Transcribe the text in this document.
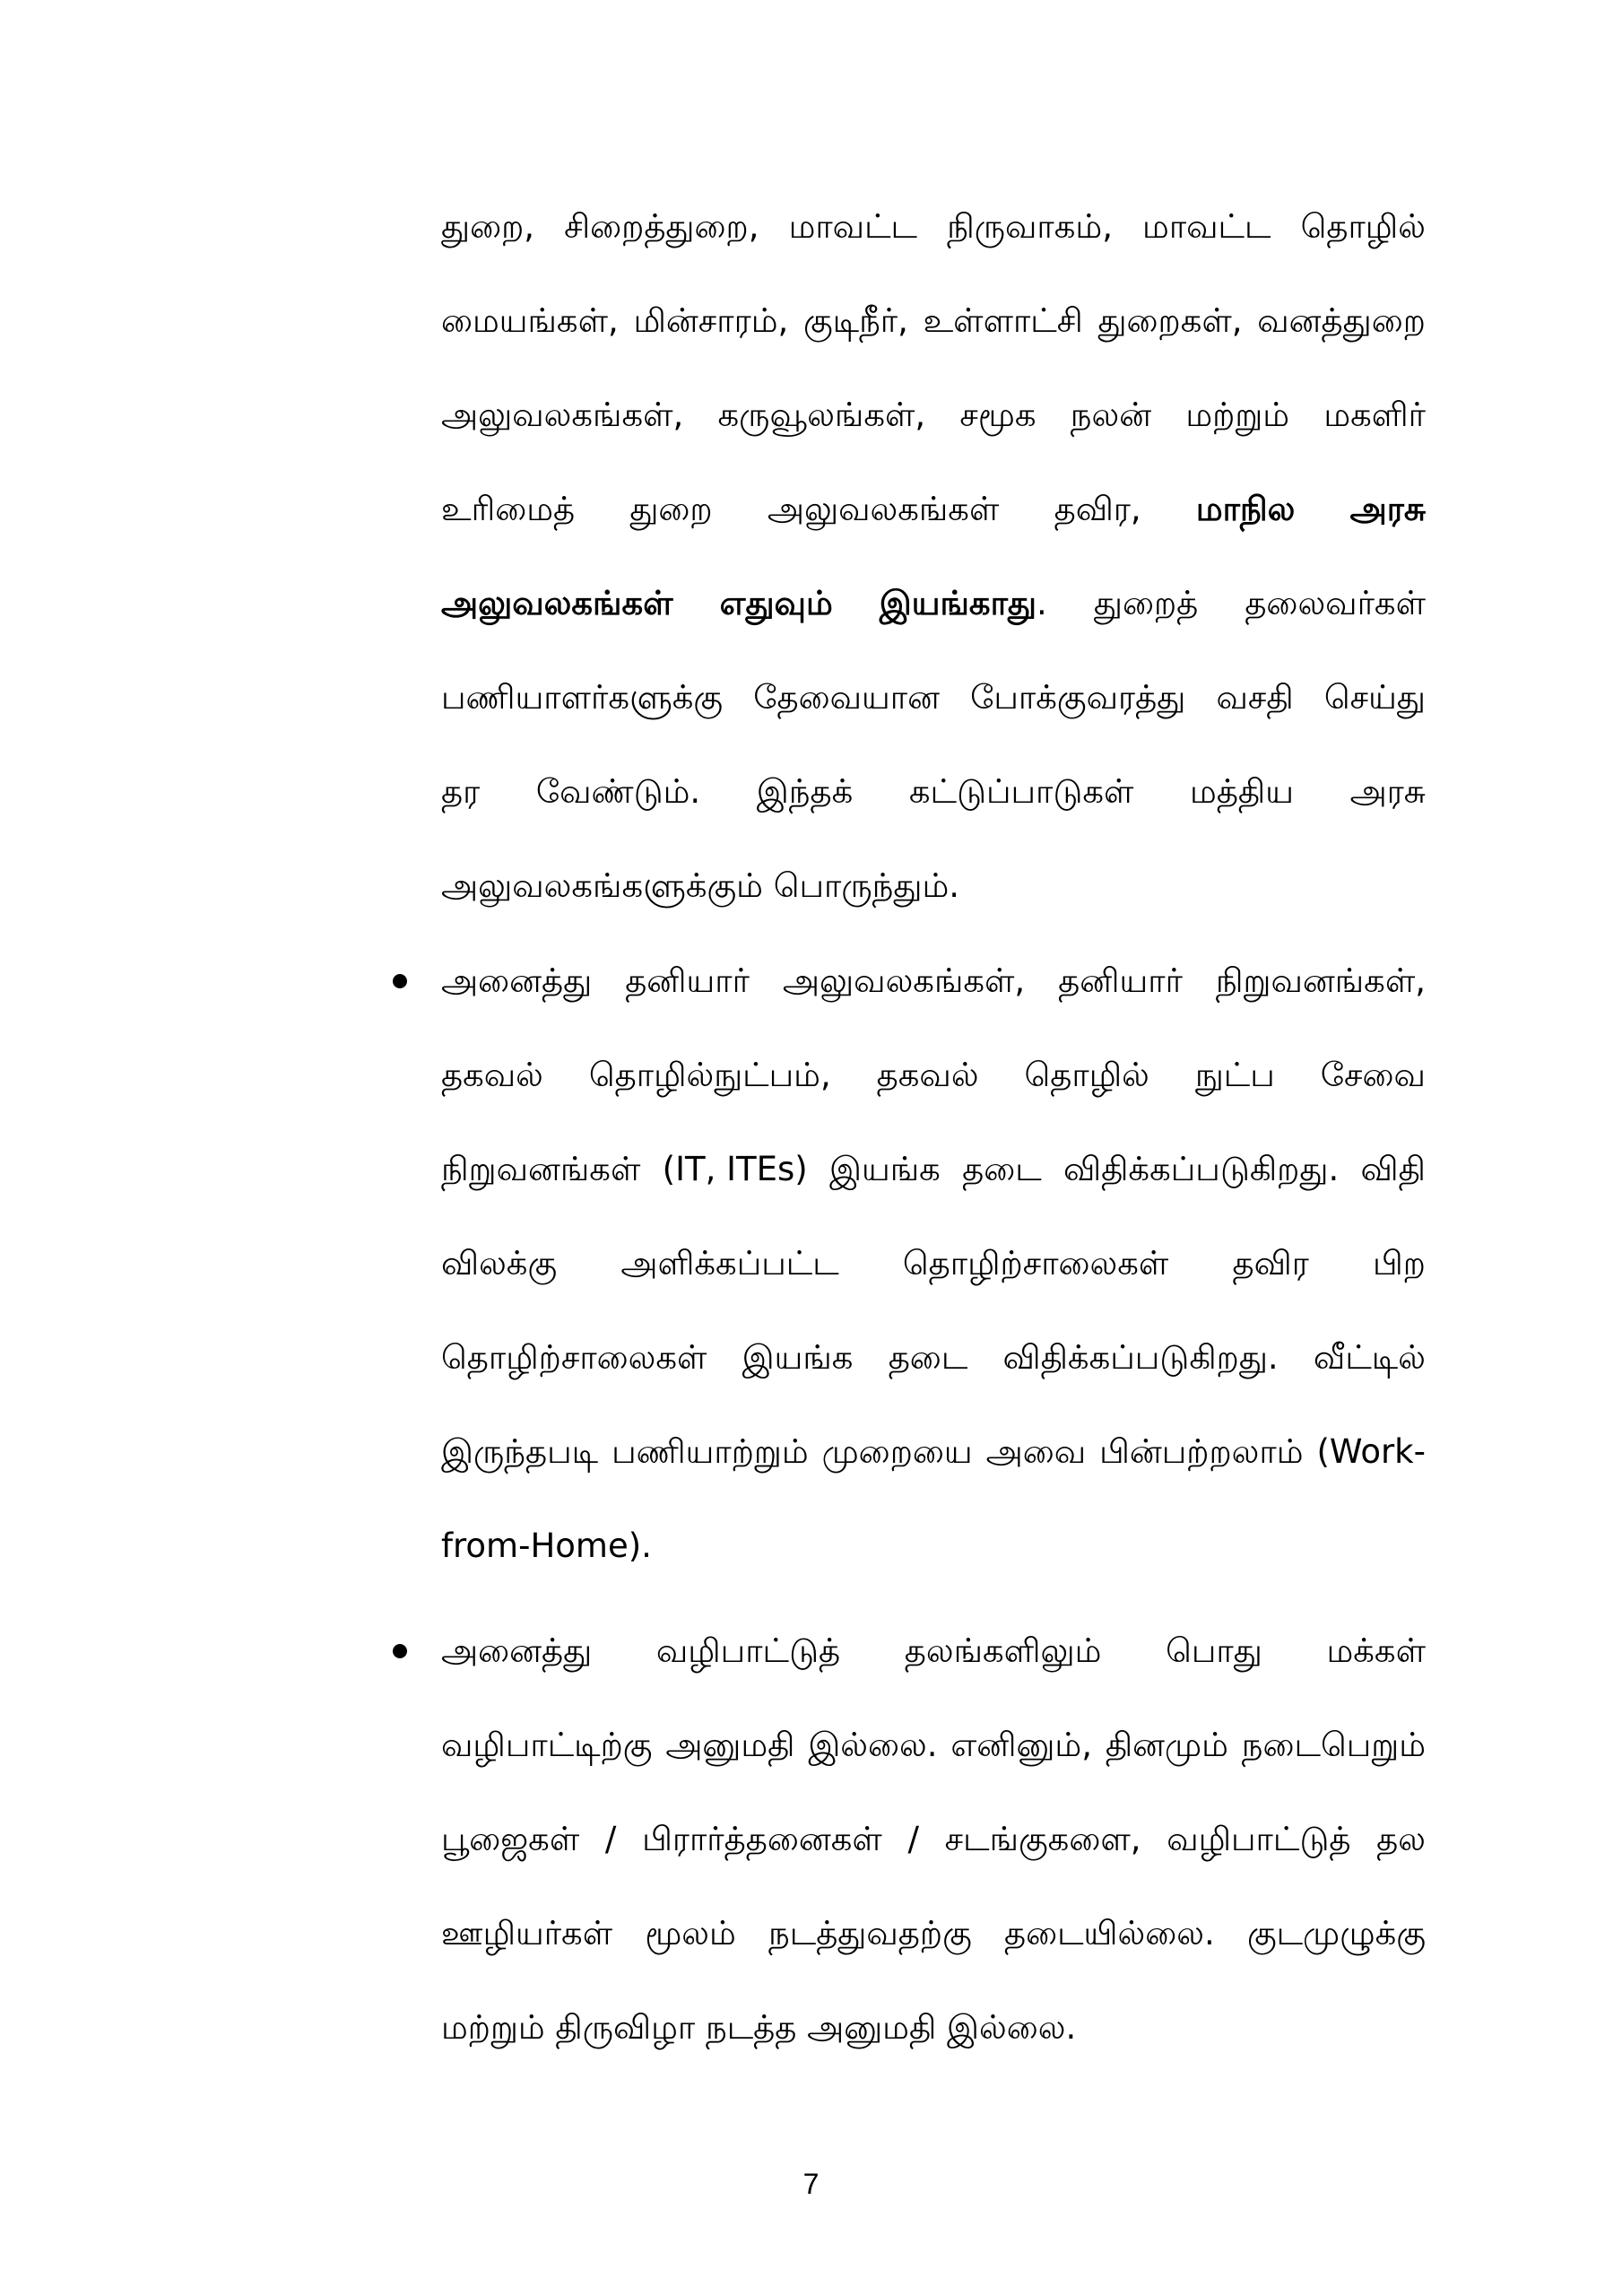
துறை, சிறைத்துறை, மாவட்ட நிருவாகம், மாவட்ட தொழில்
மையங்கள், மின்சாரம், குடிநீர், உள்ளாட்சி துறைகள், வனத்துறை
அலுவலகங்கள், கருவூலங்கள், சமூக நலன் மற்றும் மகளிர்
உரிமைத் துறை அலுவலகங்கள் தவிர, மாநில அரசு
அலுவலகங்கள் எதுவும் இயங்காது. துறைத் தலைவர்கள்
பணியாளர்களுக்கு தேவையான போக்குவரத்து வசதி செய்து
தர வேண்டும். இந்தக் கட்டுப்பாடுகள் மத்திய அரசு
அலுவலகங்களுக்கும் பொருந்தும்.
அனைத்து தனியார் அலுவலகங்கள், தனியார் நிறுவனங்கள்,
தகவல் தொழில்நுட்பம், தகவல் தொழில் நுட்ப சேவை
நிறுவனங்கள் (IT, ITEs) இயங்க தடை விதிக்கப்படுகிறது. விதி
விலக்கு அளிக்கப்பட்ட தொழிற்சாலைகள் தவிர பிற
தொழிற்சாலைகள் இயங்க தடை விதிக்கப்படுகிறது. வீட்டில்
இருந்தபடி பணியாற்றும் முறையை அவை பின்பற்றலாம் (Work-
from-Home).
அனைத்து வழிபாட்டுத் தலங்களிலும் பொது மக்கள்
வழிபாட்டிற்கு அனுமதி இல்லை. எனினும், தினமும் நடைபெறும்
பூஜைகள் / பிரார்த்தனைகள் / சடங்குகளை, வழிபாட்டுத் தல
ஊழியர்கள் மூலம் நடத்துவதற்கு தடையில்லை. குடமுழுக்கு
மற்றும் திருவிழா நடத்த அனுமதி இல்லை.
7
